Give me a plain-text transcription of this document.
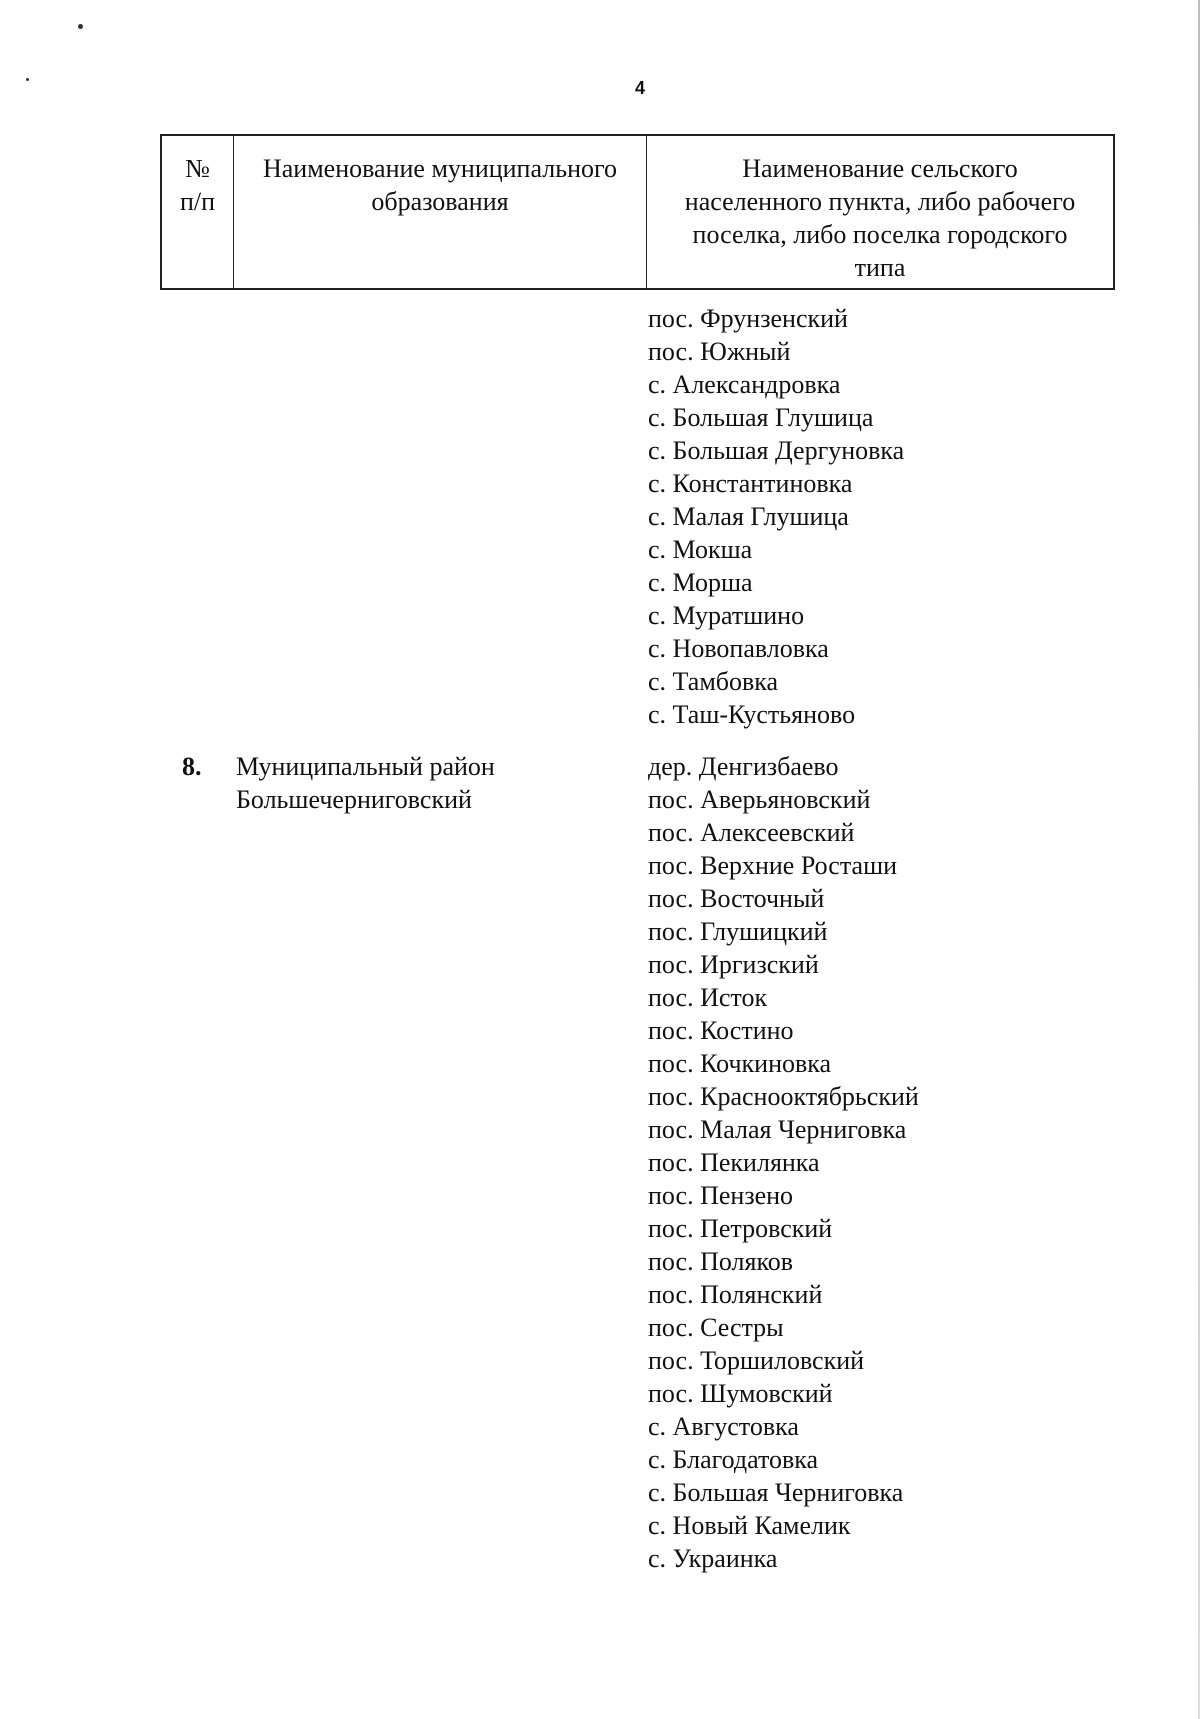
4
№
п/п
Наименование муниципального
образования
Наименование сельского
населенного пункта, либо рабочего
поселка, либо поселка городского
типа
пос. Фрунзенский
пос. Южный
с. Александровка
с. Большая Глушица
с. Большая Дергуновка
с. Константиновка
с. Малая Глушица
с. Мокша
с. Морша
с. Муратшино
с. Новопавловка
с. Тамбовка
с. Таш-Кустьяново
8. Муниципальный район
Большечерниговский
дер. Денгизбаево
пос. Аверьяновский
пос. Алексеевский
пос. Верхние Росташи
пос. Восточный
пос. Глушицкий
пос. Иргизский
пос. Исток
пос. Костино
пос. Кочкиновка
пос. Краснооктябрьский
пос. Малая Черниговка
пос. Пекилянка
пос. Пензено
пос. Петровский
пос. Поляков
пос. Полянский
пос. Сестры
пос. Торшиловский
пос. Шумовский
с. Августовка
с. Благодатовка
с. Большая Черниговка
с. Новый Камелик
с. Украинка
